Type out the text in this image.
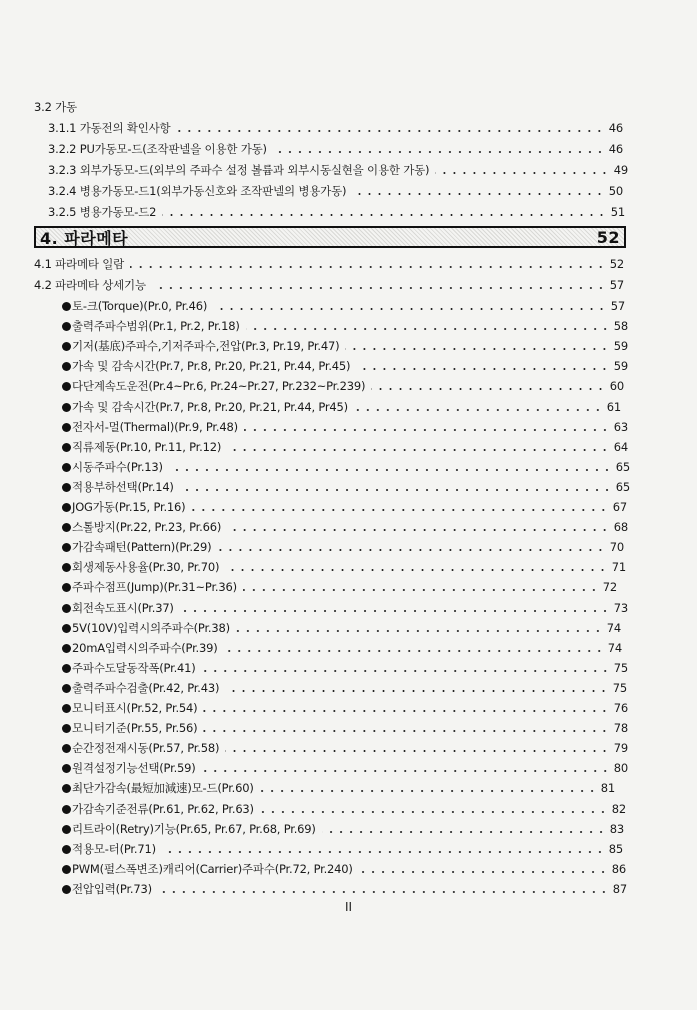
3.2 가동
3.1.1 가동전의 확인사항	46
3.2.2 PU가동모-드(조작판넬을 이용한 가동)	46
3.2.3 외부가동모-드(외부의 주파수 설정 볼륨과 외부시동실현을 이용한 가동)	49
3.2.4 병용가동모-드1(외부가동신호와 조작판넬의 병용가동)	50
3.2.5 병용가동모-드2	51
4. 파라메타	52
4.1 파라메타 일람	52
4.2 파라메타 상세기능	57
토-크(Torque)(Pr.0, Pr.46)	57
출력주파수범위(Pr.1, Pr.2, Pr.18)	58
기저(基底)주파수,기저주파수,전압(Pr.3, Pr.19, Pr.47)	59
가속 및 감속시간(Pr.7, Pr.8, Pr.20, Pr.21, Pr.44, Pr.45)	59
다단계속도운전(Pr.4~Pr.6, Pr.24~Pr.27, Pr.232~Pr.239)	60
가속 및 감속시간(Pr.7, Pr.8, Pr.20, Pr.21, Pr.44, Pr45)	61
전자서-멀(Thermal)(Pr.9, Pr.48)	63
직류제동(Pr.10, Pr.11, Pr.12)	64
시동주파수(Pr.13)	65
적용부하선택(Pr.14)	65
JOG가동(Pr.15, Pr.16)	67
스톨방지(Pr.22, Pr.23, Pr.66)	68
가감속패턴(Pattern)(Pr.29)	70
회생제동사용율(Pr.30, Pr.70)	71
주파수점프(Jump)(Pr.31~Pr.36)	72
회전속도표시(Pr.37)	73
5V(10V)입력시의주파수(Pr.38)	74
20mA입력시의주파수(Pr.39)	74
주파수도달동작폭(Pr.41)	75
출력주파수검출(Pr.42, Pr.43)	75
모니터표시(Pr.52, Pr.54)	76
모니터기준(Pr.55, Pr.56)	78
순간정전재시동(Pr.57, Pr.58)	79
원격설정기능선택(Pr.59)	80
최단가감속(最短加減速)모-드(Pr.60)	81
가감속기준전류(Pr.61, Pr.62, Pr.63)	82
리트라이(Retry)기능(Pr.65, Pr.67, Pr.68, Pr.69)	83
적용모-터(Pr.71)	85
PWM(펄스폭변조)캐리어(Carrier)주파수(Pr.72, Pr.240)	86
전압입력(Pr.73)	87
II
